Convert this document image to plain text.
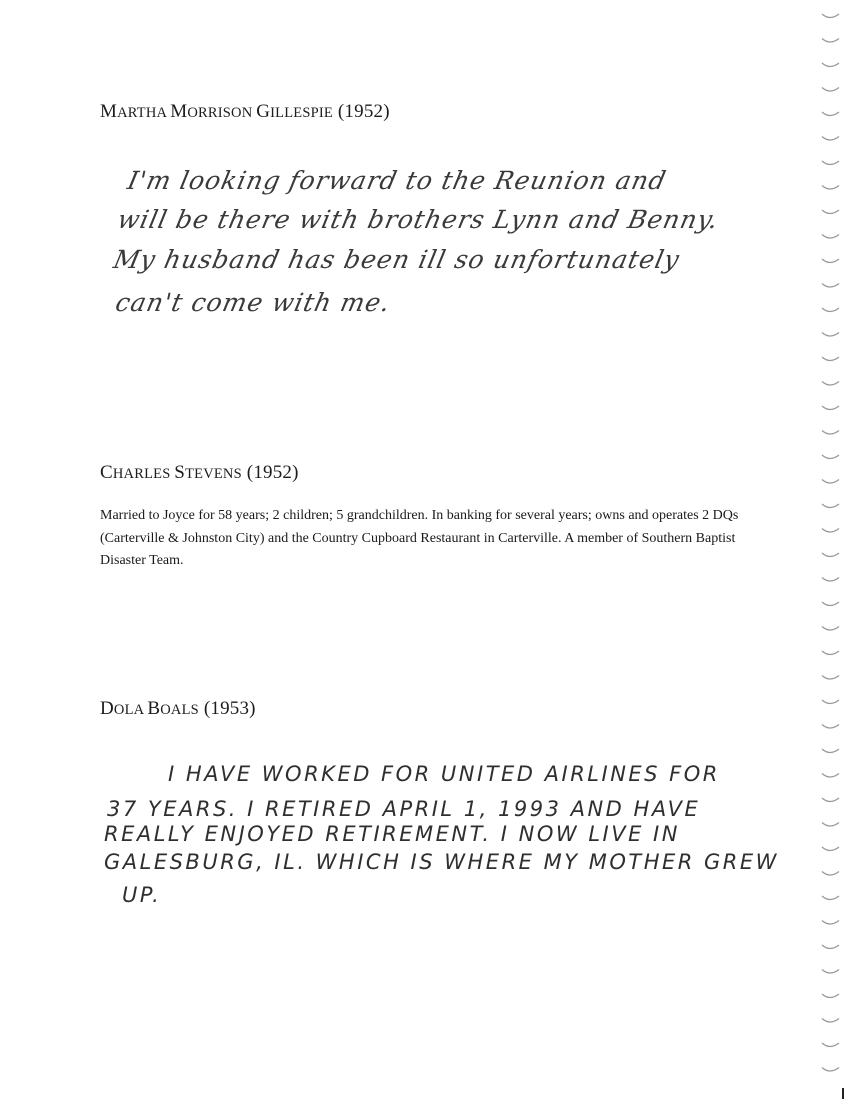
MARTHA MORRISON GILLESPIE (1952)
I'm looking forward to the Reunion and
will be there with brothers Lynn and Benny.
My husband has been ill so unfortunately
can't come with me.
CHARLES STEVENS (1952)
Married to Joyce for 58 years; 2 children; 5 grandchildren. In banking for several years; owns and operates 2 DQs (Carterville & Johnston City) and the Country Cupboard Restaurant in Carterville. A member of Southern Baptist Disaster Team.
DOLA BOALS (1953)
I HAVE WORKED FOR UNITED AIRLINES FOR
37 YEARS. I RETIRED APRIL 1, 1993 AND HAVE
REALLY ENJOYED RETIREMENT. I NOW LIVE IN
GALESBURG, IL. WHICH IS WHERE MY MOTHER GREW
UP.
